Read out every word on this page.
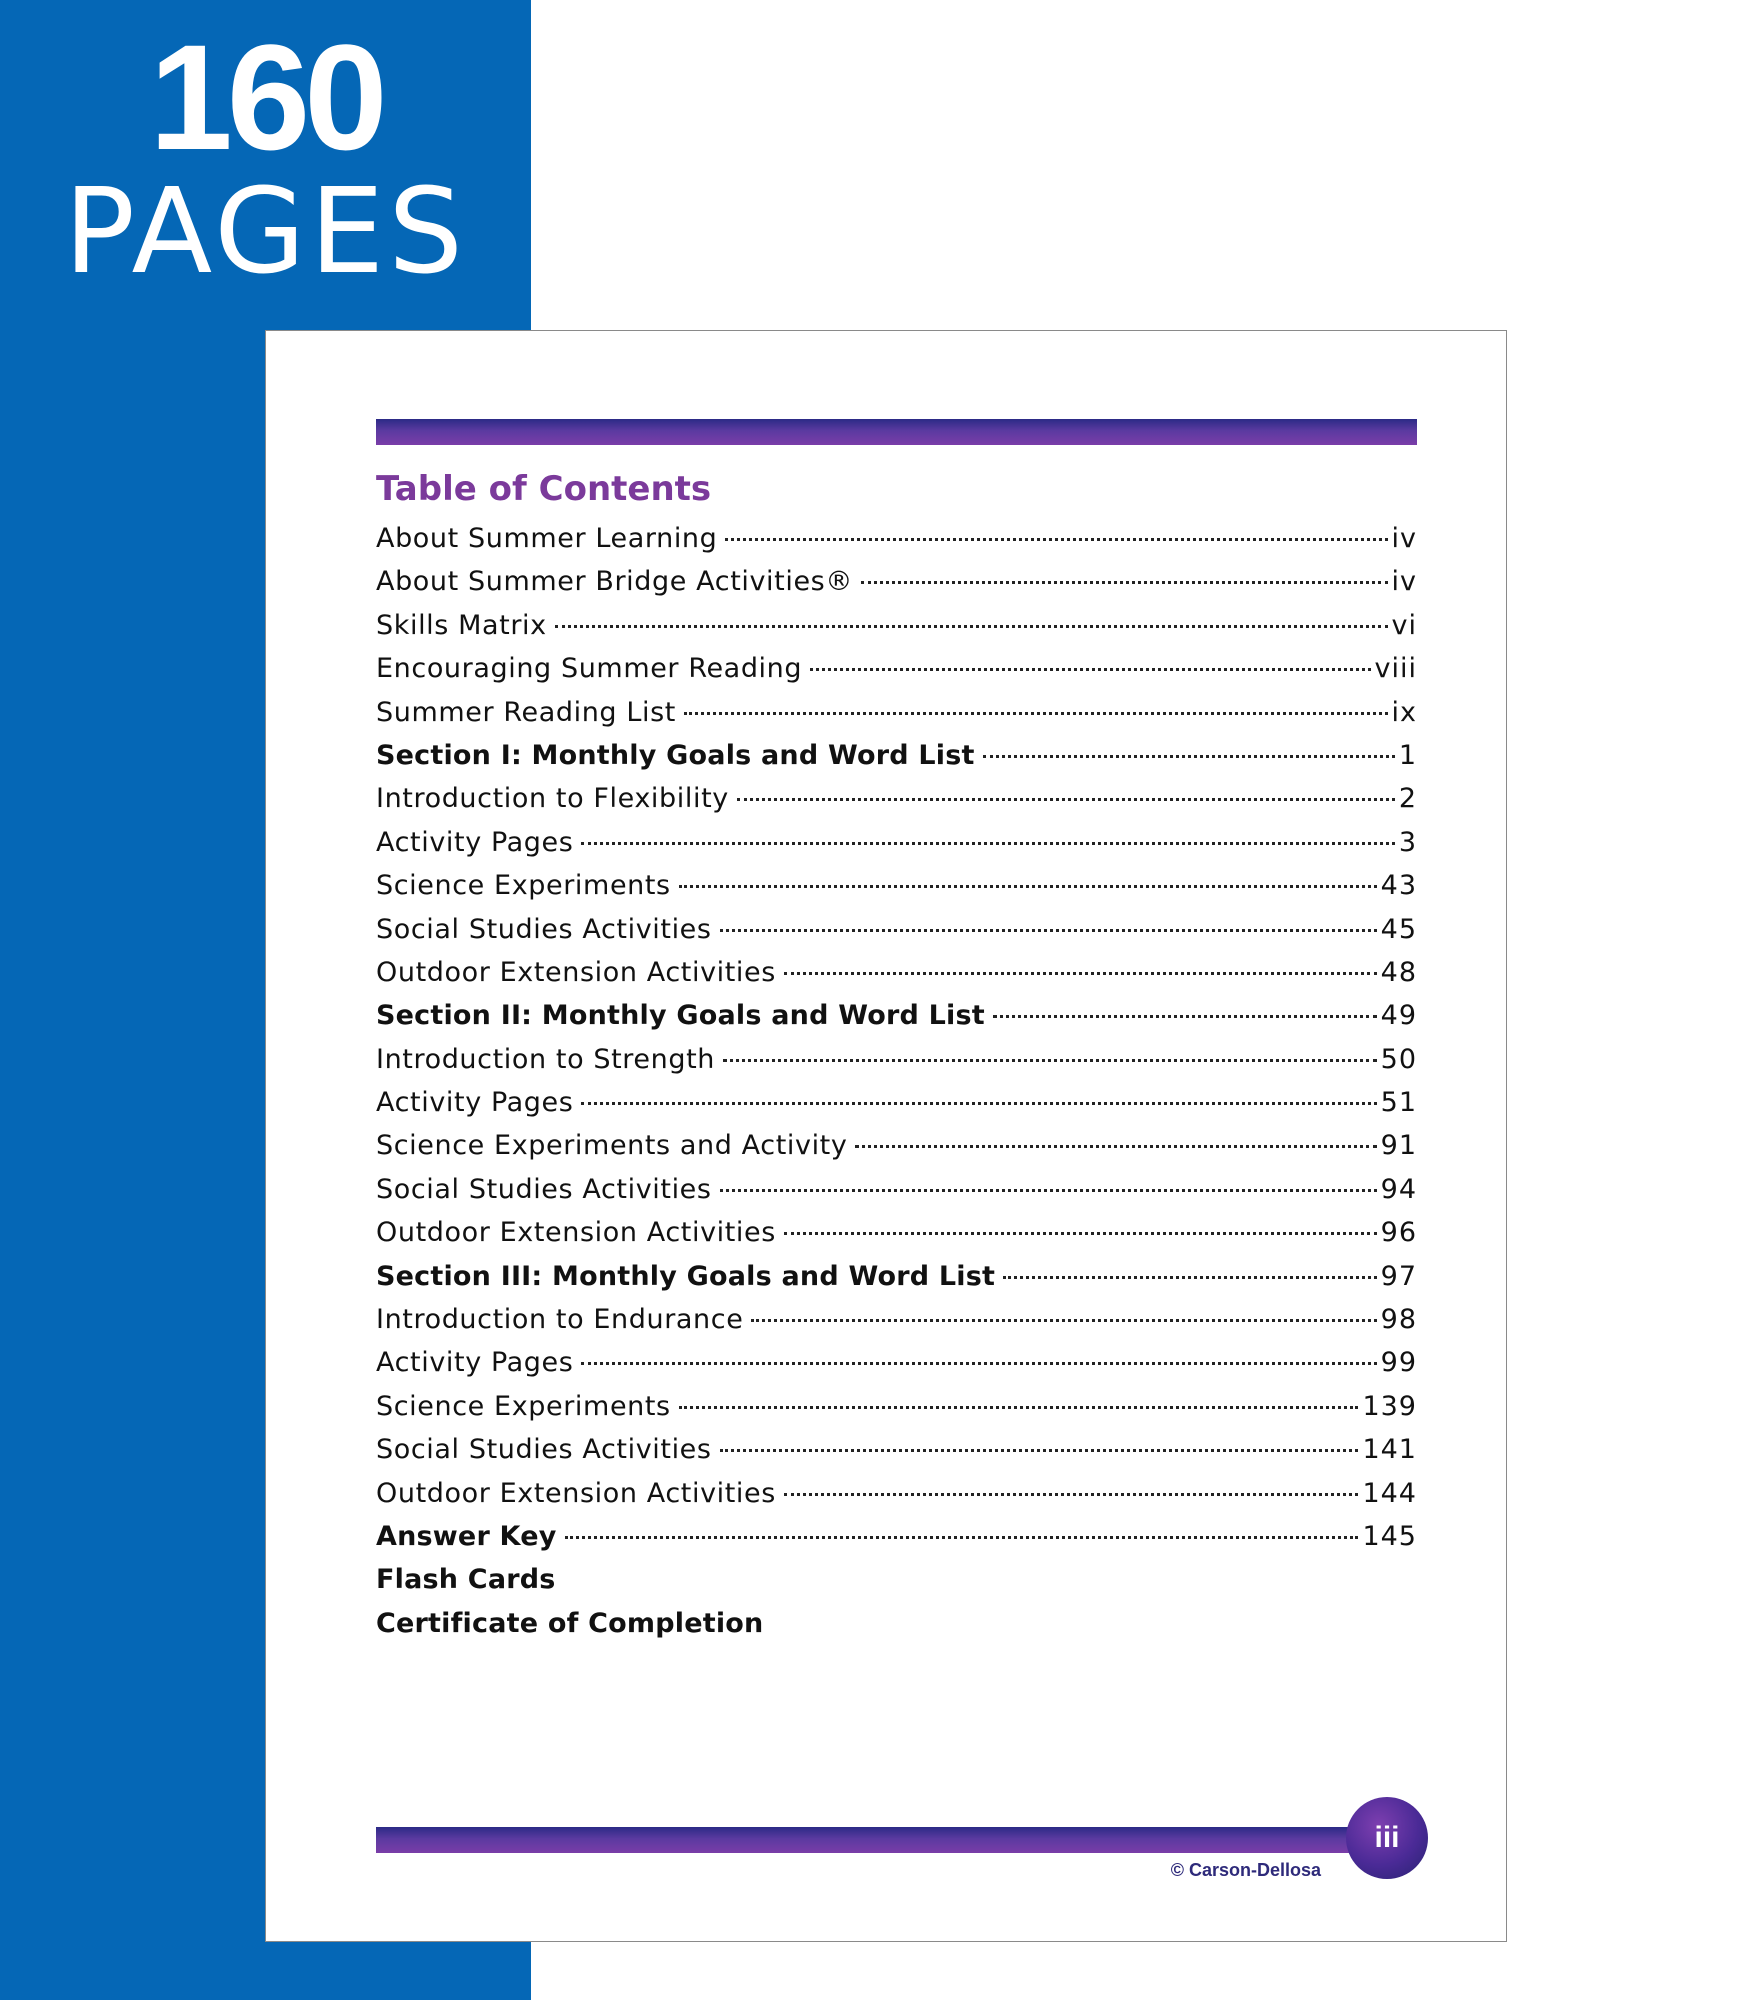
160
PAGES
Table of Contents
About Summer Learning	iv
About Summer Bridge Activities®	iv
Skills Matrix	vi
Encouraging Summer Reading	viii
Summer Reading List	ix
Section I: Monthly Goals and Word List	1
Introduction to Flexibility	2
Activity Pages	3
Science Experiments	43
Social Studies Activities	45
Outdoor Extension Activities	48
Section II: Monthly Goals and Word List	49
Introduction to Strength	50
Activity Pages	51
Science Experiments and Activity	91
Social Studies Activities	94
Outdoor Extension Activities	96
Section III: Monthly Goals and Word List	97
Introduction to Endurance	98
Activity Pages	99
Science Experiments	139
Social Studies Activities	141
Outdoor Extension Activities	144
Answer Key	145
Flash Cards
Certificate of Completion
iii
© Carson-Dellosa
